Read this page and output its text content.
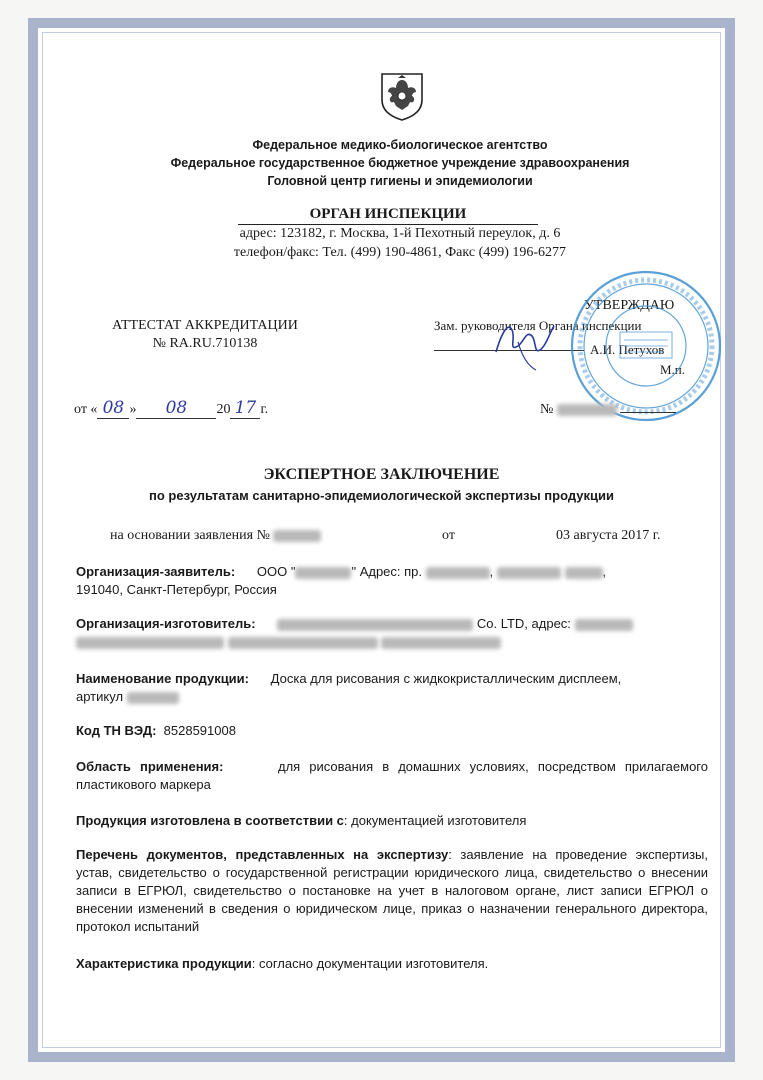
Федеральное медико-биологическое агентство
Федеральное государственное бюджетное учреждение здравоохранения
Головной центр гигиены и эпидемиологии
ОРГАН ИНСПЕКЦИИ
адрес: 123182, г. Москва, 1-й Пехотный переулок, д. 6
телефон/факс: Тел. (499) 190-4861, Факс (499) 196-6277
АТТЕСТАТ АККРЕДИТАЦИИ
№ RA.RU.710138
УТВЕРЖДАЮ
Зам. руководителя Органа инспекции
А.И. Петухов
М.п.
от « 08 » 08 20 17 г.	№
ЭКСПЕРТНОЕ ЗАКЛЮЧЕНИЕ
по результатам санитарно-эпидемиологической экспертизы продукции
на основании заявления №	от	03 августа 2017 г.
Организация-заявитель: ООО "	" Адрес: пр.	,	,
191040, Санкт-Петербург, Россия
Организация-изготовитель:	Co. LTD, адрес:

Наименование продукции: Доска для рисования с жидкокристаллическим дисплеем,
артикул
Код ТН ВЭД: 8528591008
Область применения:	для рисования в домашних условиях, посредством прилагаемого пластикового маркера
Продукция изготовлена в соответствии с: документацией изготовителя
Перечень документов, представленных на экспертизу: заявление на проведение экспертизы, устав, свидетельство о государственной регистрации юридического лица, свидетельство о внесении записи в ЕГРЮЛ, свидетельство о постановке на учет в налоговом органе, лист записи ЕГРЮЛ о внесении изменений в сведения о юридическом лице, приказ о назначении генерального директора, протокол испытаний
Характеристика продукции: согласно документации изготовителя.
